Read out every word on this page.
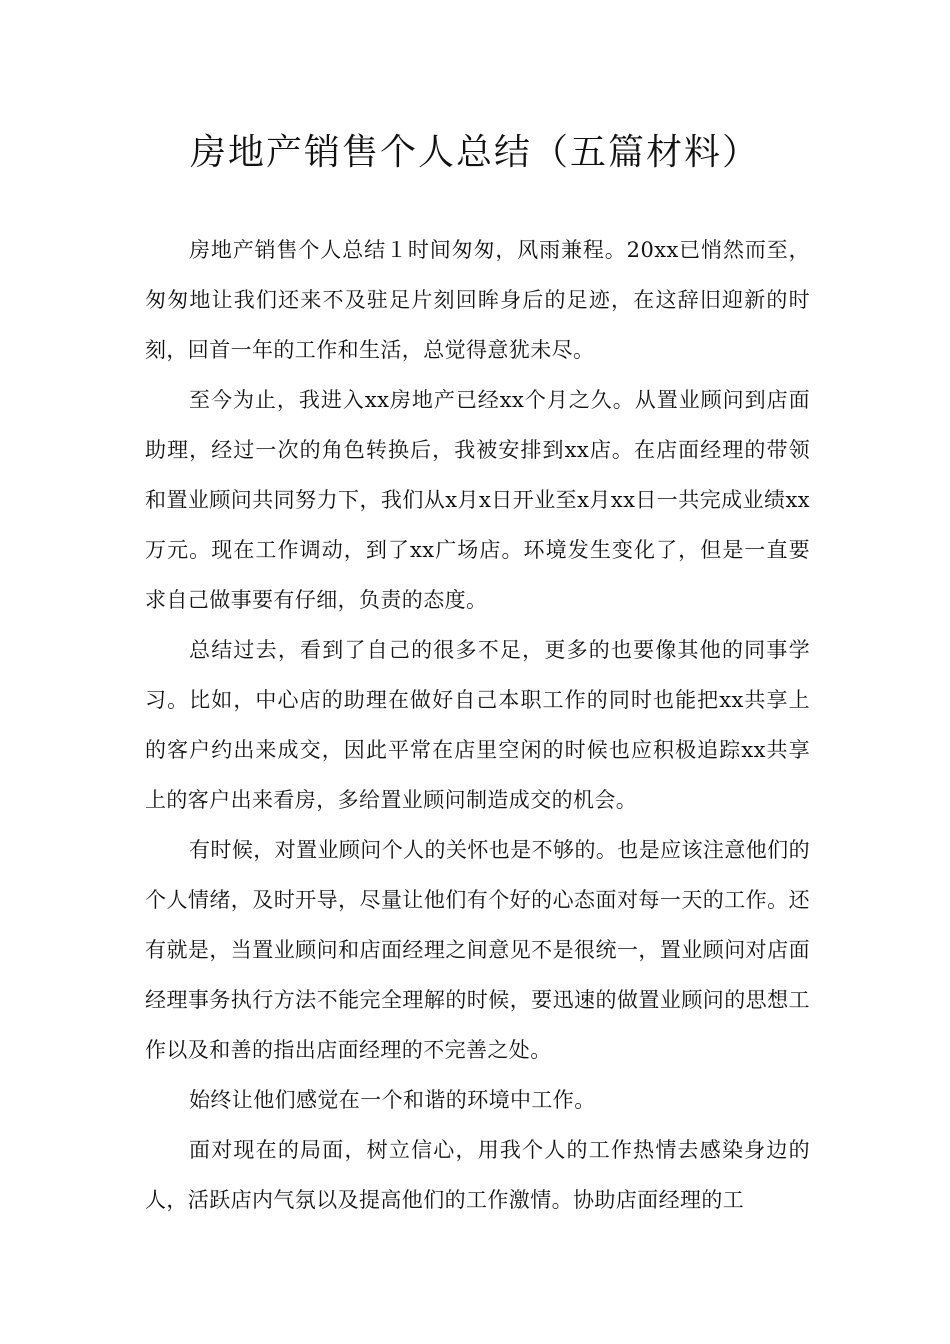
房地产销售个人总结（五篇材料）

房地产销售个人总结１时间匆匆，风雨兼程。20xx已悄然而至，匆匆地让我们还来不及驻足片刻回眸身后的足迹，在这辞旧迎新的时刻，回首一年的工作和生活，总觉得意犹未尽。

至今为止，我进入xx房地产已经xx个月之久。从置业顾问到店面助理，经过一次的角色转换后，我被安排到xx店。在店面经理的带领和置业顾问共同努力下，我们从x月x日开业至x月xx日一共完成业绩xx万元。现在工作调动，到了xx广场店。环境发生变化了，但是一直要求自己做事要有仔细，负责的态度。

总结过去，看到了自己的很多不足，更多的也要像其他的同事学习。比如，中心店的助理在做好自己本职工作的同时也能把xx共享上的客户约出来成交，因此平常在店里空闲的时候也应积极追踪xx共享上的客户出来看房，多给置业顾问制造成交的机会。

有时候，对置业顾问个人的关怀也是不够的。也是应该注意他们的个人情绪，及时开导，尽量让他们有个好的心态面对每一天的工作。还有就是，当置业顾问和店面经理之间意见不是很统一，置业顾问对店面经理事务执行方法不能完全理解的时候，要迅速的做置业顾问的思想工作以及和善的指出店面经理的不完善之处。

始终让他们感觉在一个和谐的环境中工作。

面对现在的局面，树立信心，用我个人的工作热情去感染身边的人，活跃店内气氛以及提高他们的工作激情。协助店面经理的工
